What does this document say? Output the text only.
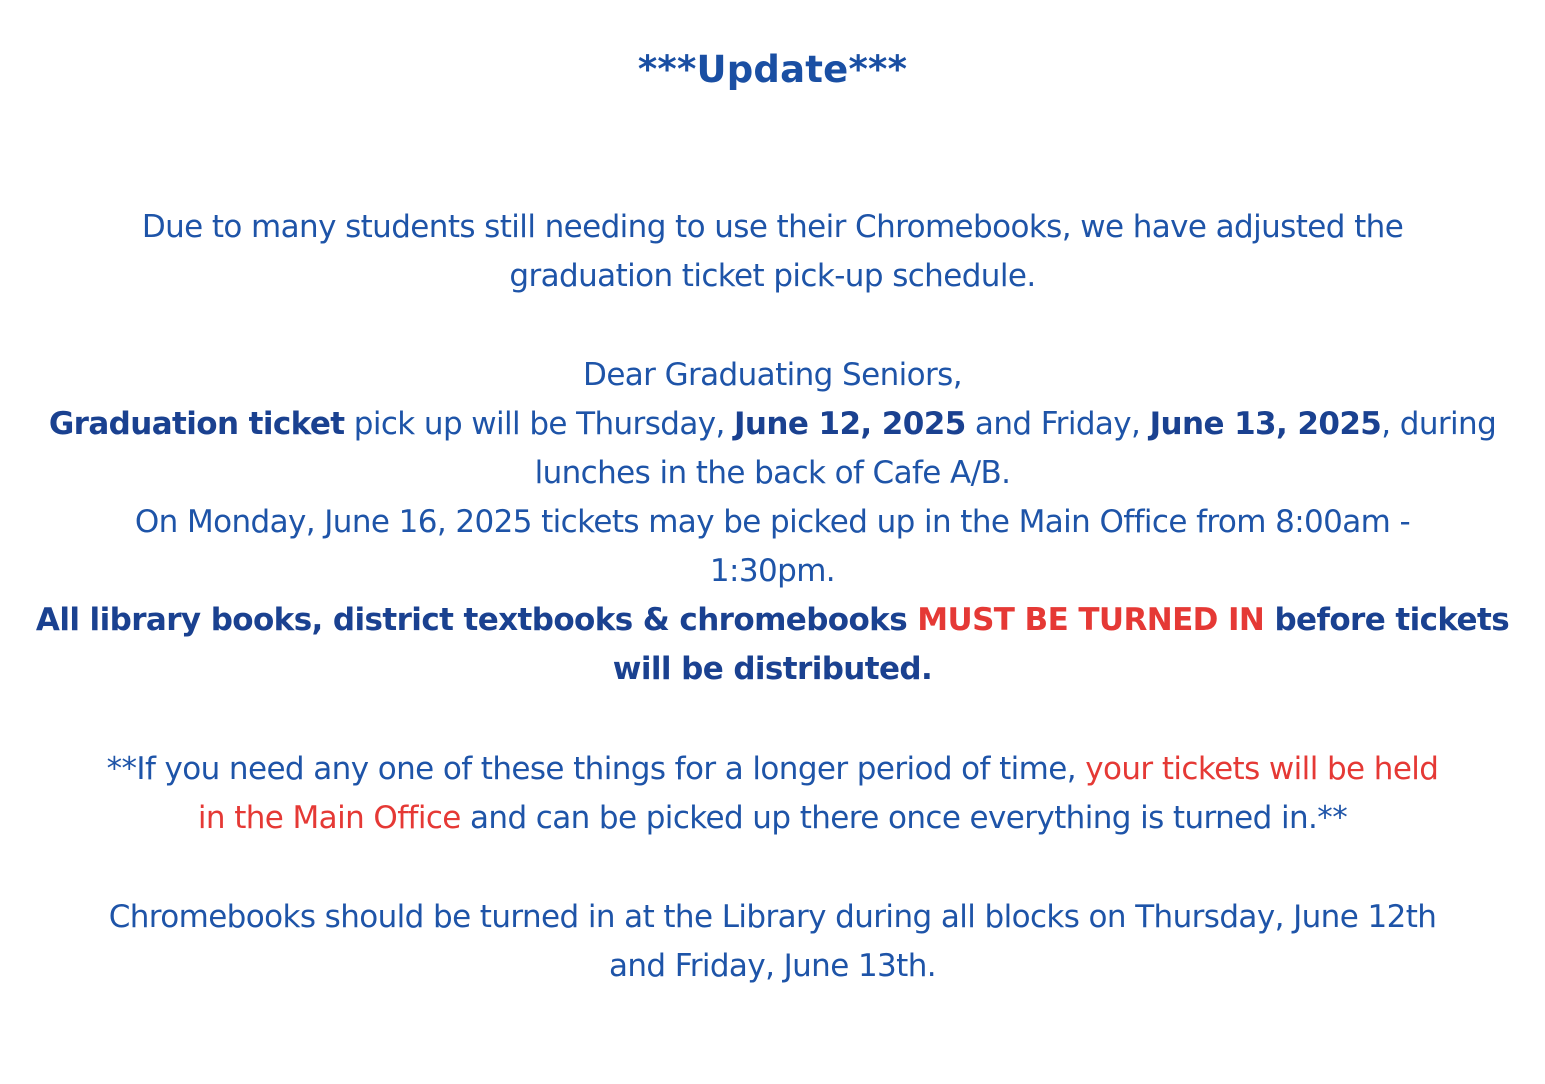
***Update***
Due to many students still needing to use their Chromebooks, we have adjusted the
graduation ticket pick-up schedule.
Dear Graduating Seniors,
Graduation ticket pick up will be Thursday, June 12, 2025 and Friday, June 13, 2025, during
lunches in the back of Cafe A/B.
On Monday, June 16, 2025 tickets may be picked up in the Main Office from 8:00am -
1:30pm.
All library books, district textbooks & chromebooks MUST BE TURNED IN before tickets
will be distributed.
**If you need any one of these things for a longer period of time, your tickets will be held
in the Main Office and can be picked up there once everything is turned in.**
Chromebooks should be turned in at the Library during all blocks on Thursday, June 12th
and Friday, June 13th.
